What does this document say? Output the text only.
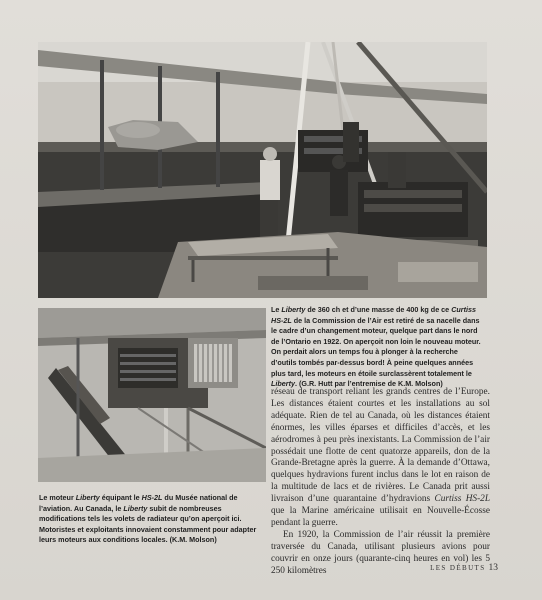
Le Liberty de 360 ch et d’une masse de 400 kg de ce Curtiss HS-2L de la Commission de l’Air est retiré de sa nacelle dans le cadre d’un changement moteur, quelque part dans le nord de l’Ontario en 1922. On aperçoit non loin le nouveau moteur. On perdait alors un temps fou à plonger à la recherche d’outils tombés par-dessus bord! À peine quelques années plus tard, les moteurs en étoile surclassèrent totalement le Liberty. (G.R. Hutt par l’entremise de K.M. Molson)

réseau de transport reliant les grands centres de l’Europe. Les distances étaient courtes et les installations au sol adéquate. Rien de tel au Canada, où les distances étaient énormes, les villes éparses et difficiles d’accès, et les aérodromes à peu près inexistants. La Commission de l’air possédait une flotte de cent quatorze appareils, don de la Grande-Bretagne après la guerre. À la demande d’Ottawa, quelques hydravions furent inclus dans le lot en raison de la multitude de lacs et de rivières. Le Canada prit aussi livraison d’une quarantaine d’hydravions Curtiss HS-2L que la Marine américaine utilisait en Nouvelle-Écosse pendant la guerre.

En 1920, la Commission de l’air réussit la première traversée du Canada, utilisant plusieurs avions pour couvrir en onze jours (quarante-cinq heures en vol) les 5 250 kilomètres

Le moteur Liberty équipant le HS-2L du Musée national de l’aviation. Au Canada, le Liberty subit de nombreuses modifications tels les volets de radiateur qu’on aperçoit ici. Motoristes et exploitants innovaient constamment pour adapter leurs moteurs aux conditions locales. (K.M. Molson)
LES DÉBUTS 13
